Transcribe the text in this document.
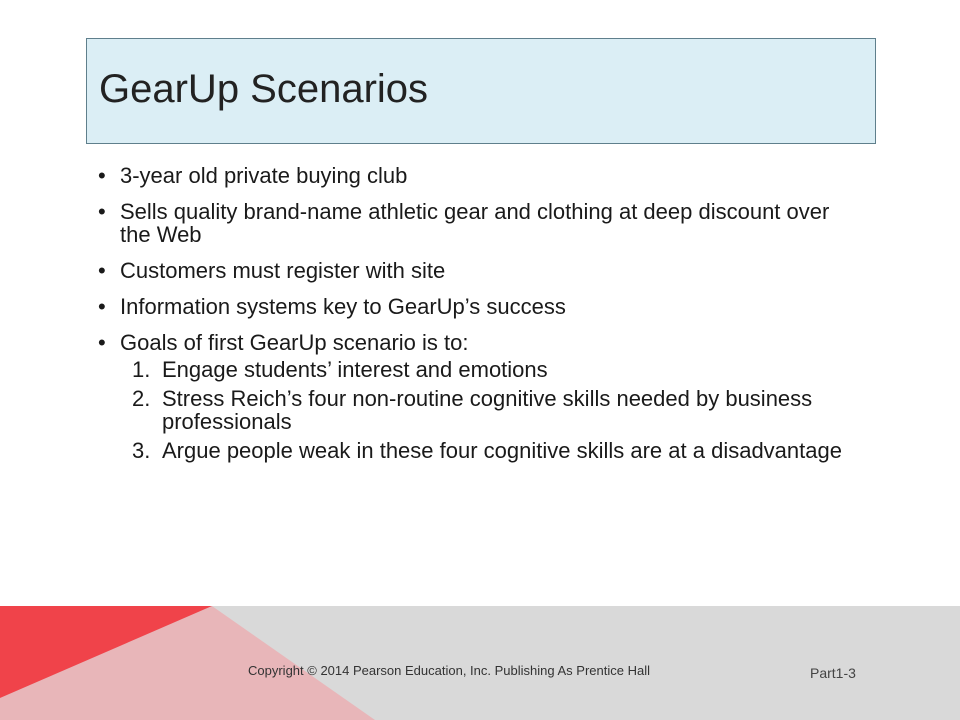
GearUp Scenarios
• 3-year old private buying club
• Sells quality brand-name athletic gear and clothing at deep discount over the Web
• Customers must register with site
• Information systems key to GearUp’s success
• Goals of first GearUp scenario is to:
1. Engage students’ interest and emotions
2. Stress Reich’s four non-routine cognitive skills needed by business professionals
3. Argue people weak in these four cognitive skills are at a disadvantage
Copyright © 2014 Pearson Education, Inc. Publishing As Prentice Hall	Part1-3
